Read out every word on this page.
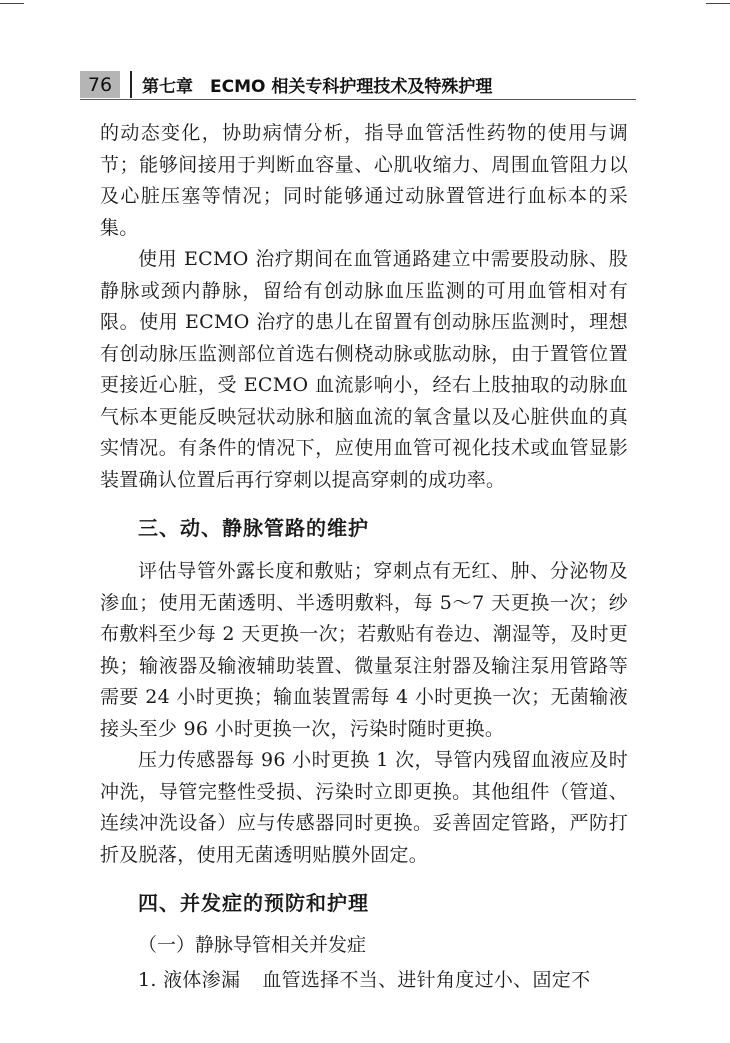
76	第七章　ECMO 相关专科护理技术及特殊护理

的动态变化，协助病情分析，指导血管活性药物的使用与调节；能够间接用于判断血容量、心肌收缩力、周围血管阻力以及心脏压塞等情况；同时能够通过动脉置管进行血标本的采集。

使用 ECMO 治疗期间在血管通路建立中需要股动脉、股静脉或颈内静脉，留给有创动脉血压监测的可用血管相对有限。使用 ECMO 治疗的患儿在留置有创动脉压监测时，理想有创动脉压监测部位首选右侧桡动脉或肱动脉，由于置管位置更接近心脏，受 ECMO 血流影响小，经右上肢抽取的动脉血气标本更能反映冠状动脉和脑血流的氧含量以及心脏供血的真实情况。有条件的情况下，应使用血管可视化技术或血管显影装置确认位置后再行穿刺以提高穿刺的成功率。

三、动、静脉管路的维护

评估导管外露长度和敷贴；穿刺点有无红、肿、分泌物及渗血；使用无菌透明、半透明敷料，每 5～7 天更换一次；纱布敷料至少每 2 天更换一次；若敷贴有卷边、潮湿等，及时更换；输液器及输液辅助装置、微量泵注射器及输注泵用管路等需要 24 小时更换；输血装置需每 4 小时更换一次；无菌输液接头至少 96 小时更换一次，污染时随时更换。

压力传感器每 96 小时更换 1 次，导管内残留血液应及时冲洗，导管完整性受损、污染时立即更换。其他组件（管道、连续冲洗设备）应与传感器同时更换。妥善固定管路，严防打折及脱落，使用无菌透明贴膜外固定。

四、并发症的预防和护理
（一）静脉导管相关并发症

1. 液体渗漏 血管选择不当、进针角度过小、固定不
